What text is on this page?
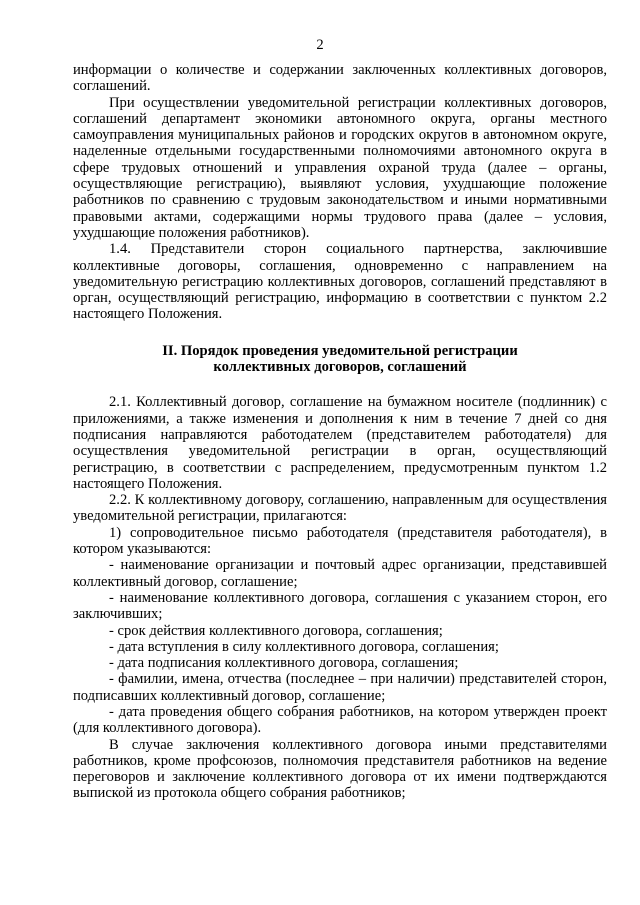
2

информации о количестве и содержании заключенных коллективных договоров, соглашений.

При осуществлении уведомительной регистрации коллективных договоров, соглашений департамент экономики автономного округа, органы местного самоуправления муниципальных районов и городских округов в автономном округе, наделенные отдельными государственными полномочиями автономного округа в сфере трудовых отношений и управления охраной труда (далее – органы, осуществляющие регистрацию), выявляют условия, ухудшающие положение работников по сравнению с трудовым законодательством и иными нормативными правовыми актами, содержащими нормы трудового права (далее – условия, ухудшающие положения работников).

1.4. Представители сторон социального партнерства, заключившие коллективные договоры, соглашения, одновременно с направлением на уведомительную регистрацию коллективных договоров, соглашений представляют в орган, осуществляющий регистрацию, информацию в соответствии с пунктом 2.2 настоящего Положения.

II. Порядок проведения уведомительной регистрации

коллективных договоров, соглашений

2.1. Коллективный договор, соглашение на бумажном носителе (подлинник) с приложениями, а также изменения и дополнения к ним в течение 7 дней со дня подписания направляются работодателем (представителем работодателя) для осуществления уведомительной регистрации в орган, осуществляющий регистрацию, в соответствии с распределением, предусмотренным пунктом 1.2 настоящего Положения.

2.2. К коллективному договору, соглашению, направленным для осуществления уведомительной регистрации, прилагаются:

1) сопроводительное письмо работодателя (представителя работодателя), в котором указываются:

- наименование организации и почтовый адрес организации, представившей коллективный договор, соглашение;

- наименование коллективного договора, соглашения с указанием сторон, его заключивших;

- срок действия коллективного договора, соглашения;

- дата вступления в силу коллективного договора, соглашения;

- дата подписания коллективного договора, соглашения;

- фамилии, имена, отчества (последнее – при наличии) представителей сторон, подписавших коллективный договор, соглашение;

- дата проведения общего собрания работников, на котором утвержден проект (для коллективного договора).

В случае заключения коллективного договора иными представителями работников, кроме профсоюзов, полномочия представителя работников на ведение переговоров и заключение коллективного договора от их имени подтверждаются выпиской из протокола общего собрания работников;
